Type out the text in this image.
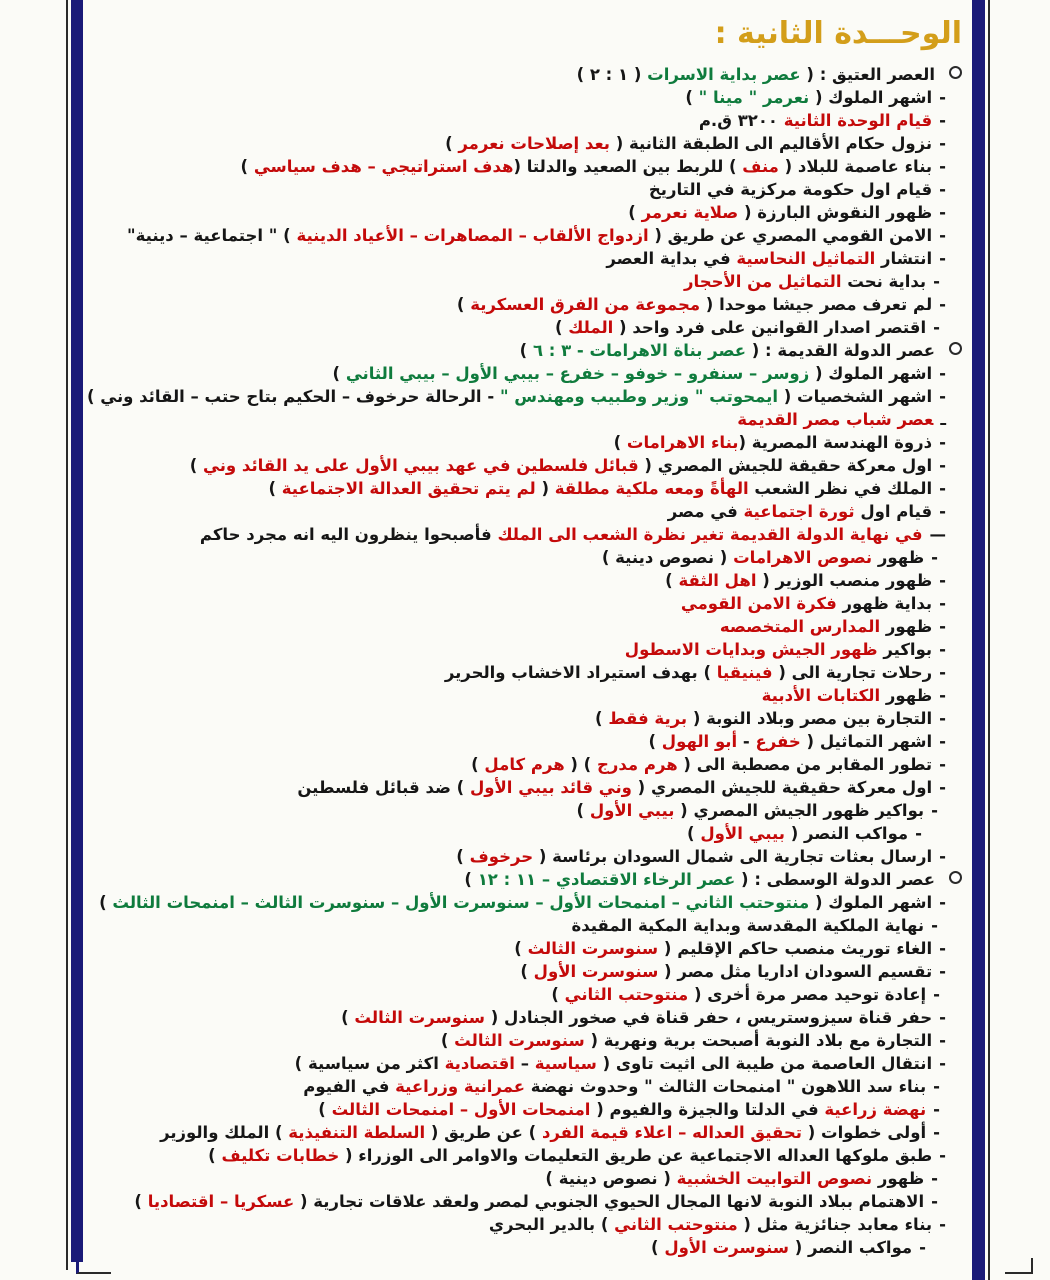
الوحـــدة الثانية :
العصر العتيق : ( عصر بداية الاسرات ( ١ : ٢ )
-اشهر الملوك ( نعرمر " مينا " )
-قيام الوحدة الثانية ٣٢٠٠ ق.م
-نزول حكام الأقاليم الى الطبقة الثانية ( بعد إصلاحات نعرمر )
-بناء عاصمة للبلاد ( منف ) للربط بين الصعيد والدلتا (هدف استراتيجي – هدف سياسي )
-قيام اول حكومة مركزية في التاريخ
-ظهور النقوش البارزة ( صلاية نعرمر )
-الامن القومي المصري عن طريق ( ازدواج الألقاب – المصاهرات – الأعياد الدينية ) " اجتماعية – دينية"
-انتشار التماثيل النحاسية في بداية العصر
-بداية نحت التماثيل من الأحجار
-لم تعرف مصر جيشا موحدا ( مجموعة من الفرق العسكرية )
-اقتصر اصدار القوانين على فرد واحد ( الملك )
عصر الدولة القديمة : ( عصر بناة الاهرامات - ٣ : ٦ )
-اشهر الملوك ( زوسر – سنفرو – خوفو – خفرع – بيبي الأول – بيبي الثاني )
-اشهر الشخصيات ( ايمحوتب " وزير وطبيب ومهندس " - الرحالة حرخوف – الحكيم بتاح حتب – القائد وني )
ـعصر شباب مصر القديمة
-ذروة الهندسة المصرية (بناء الاهرامات )
-اول معركة حقيقة للجيش المصري ( قبائل فلسطين في عهد بيبي الأول على يد القائد وني )
-الملك في نظر الشعب الهأةً ومعه ملكية مطلقة ( لم يتم تحقيق العدالة الاجتماعية )
-قيام اول ثورة اجتماعية في مصر
—في نهاية الدولة القديمة تغير نظرة الشعب الى الملك فأصبحوا ينظرون اليه انه مجرد حاكم
-ظهور نصوص الاهرامات ( نصوص دينية )
-ظهور منصب الوزير ( اهل الثقة )
-بداية ظهور فكرة الامن القومي
-ظهور المدارس المتخصصه
-بواكير ظهور الجيش وبدايات الاسطول
-رحلات تجارية الى ( فينيقيا ) بهدف استيراد الاخشاب والحرير
-ظهور الكتابات الأدبية
-التجارة بين مصر وبلاد النوبة ( برية فقط )
-اشهر التماثيل ( خفرع - أبو الهول )
-تطور المقابر من مصطبة الى ( هرم مدرج ) ( هرم كامل )
-اول معركة حقيقية للجيش المصري ( وني قائد بيبي الأول ) ضد قبائل فلسطين
-بواكير ظهور الجيش المصري ( بيبي الأول )
-مواكب النصر ( بيبي الأول )
-ارسال بعثات تجارية الى شمال السودان برئاسة ( حرخوف )
عصر الدولة الوسطى : ( عصر الرخاء الاقتصادي – ١١ : ١٢ )
-اشهر الملوك ( منتوحتب الثاني – امنمحات الأول – سنوسرت الأول – سنوسرت الثالث – امنمحات الثالث )
-نهاية الملكية المقدسة وبداية المكية المقيدة
-الغاء توريث منصب حاكم الإقليم ( سنوسرت الثالث )
-تقسيم السودان اداريا مثل مصر ( سنوسرت الأول )
-إعادة توحيد مصر مرة أخرى ( منتوحتب الثاني )
-حفر قناة سيزوستريس ، حفر قناة في صخور الجنادل ( سنوسرت الثالث )
-التجارة مع بلاد النوبة أصبحت برية ونهرية ( سنوسرت الثالث )
-انتقال العاصمة من طيبة الى اثيت تاوى ( سياسية – اقتصادية اكثر من سياسية )
-بناء سد اللاهون " امنمحات الثالث " وحدوث نهضة عمرانية وزراعية في الفيوم
-نهضة زراعية في الدلتا والجيزة والفيوم ( امنمحات الأول – امنمحات الثالث )
-أولى خطوات ( تحقيق العداله – اعلاء قيمة الفرد ) عن طريق ( السلطة التنفيذية ) الملك والوزير
-طبق ملوكها العداله الاجتماعية عن طريق التعليمات والاوامر الى الوزراء ( خطابات تكليف )
-ظهور نصوص التوابيت الخشبية ( نصوص دينية )
-الاهتمام ببلاد النوبة لانها المجال الحيوي الجنوبي لمصر ولعقد علاقات تجارية ( عسكريا – اقتصاديا )
-بناء معابد جنائزية مثل ( منتوحتب الثاني ) بالدير البحري
-مواكب النصر ( سنوسرت الأول )
